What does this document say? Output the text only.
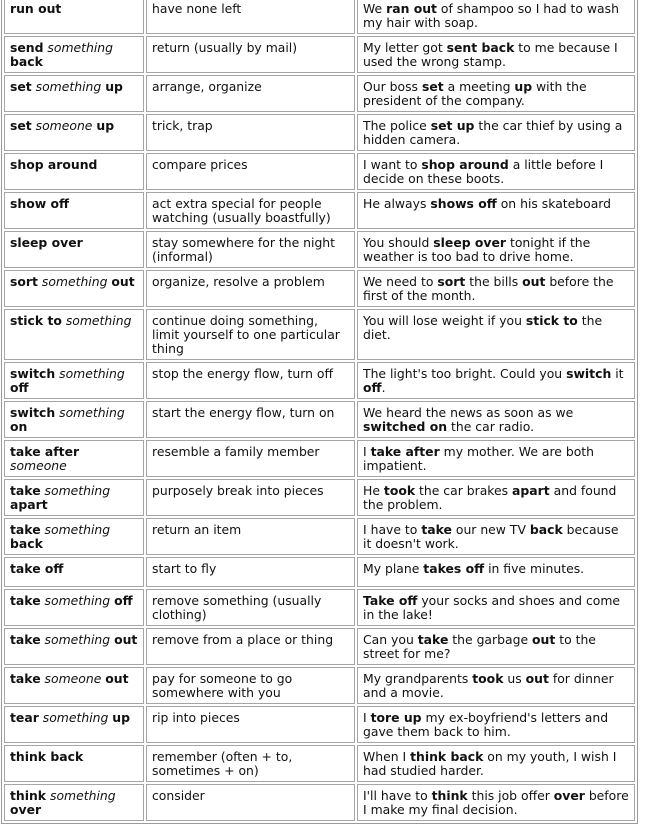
run out	have none left	We ran out of shampoo so I had to wash my hair with soap.
send something back	return (usually by mail)	My letter got sent back to me because I used the wrong stamp.
set something up	arrange, organize	Our boss set a meeting up with the president of the company.
set someone up	trick, trap	The police set up the car thief by using a hidden camera.
shop around	compare prices	I want to shop around a little before I decide on these boots.
show off	act extra special for people watching (usually boastfully)	He always shows off on his skateboard
sleep over	stay somewhere for the night (informal)	You should sleep over tonight if the weather is too bad to drive home.
sort something out	organize, resolve a problem	We need to sort the bills out before the first of the month.
stick to something	continue doing something, limit yourself to one particular thing	You will lose weight if you stick to the diet.
switch something off	stop the energy flow, turn off	The light's too bright. Could you switch it off.
switch something on	start the energy flow, turn on	We heard the news as soon as we switched on the car radio.
take after someone	resemble a family member	I take after my mother. We are both impatient.
take something apart	purposely break into pieces	He took the car brakes apart and found the problem.
take something back	return an item	I have to take our new TV back because it doesn't work.
take off	start to fly	My plane takes off in five minutes.
take something off	remove something (usually clothing)	Take off your socks and shoes and come in the lake!
take something out	remove from a place or thing	Can you take the garbage out to the street for me?
take someone out	pay for someone to go somewhere with you	My grandparents took us out for dinner and a movie.
tear something up	rip into pieces	I tore up my ex-boyfriend's letters and gave them back to him.
think back	remember (often + to, sometimes + on)	When I think back on my youth, I wish I had studied harder.
think something over	consider	I'll have to think this job offer over before I make my final decision.
